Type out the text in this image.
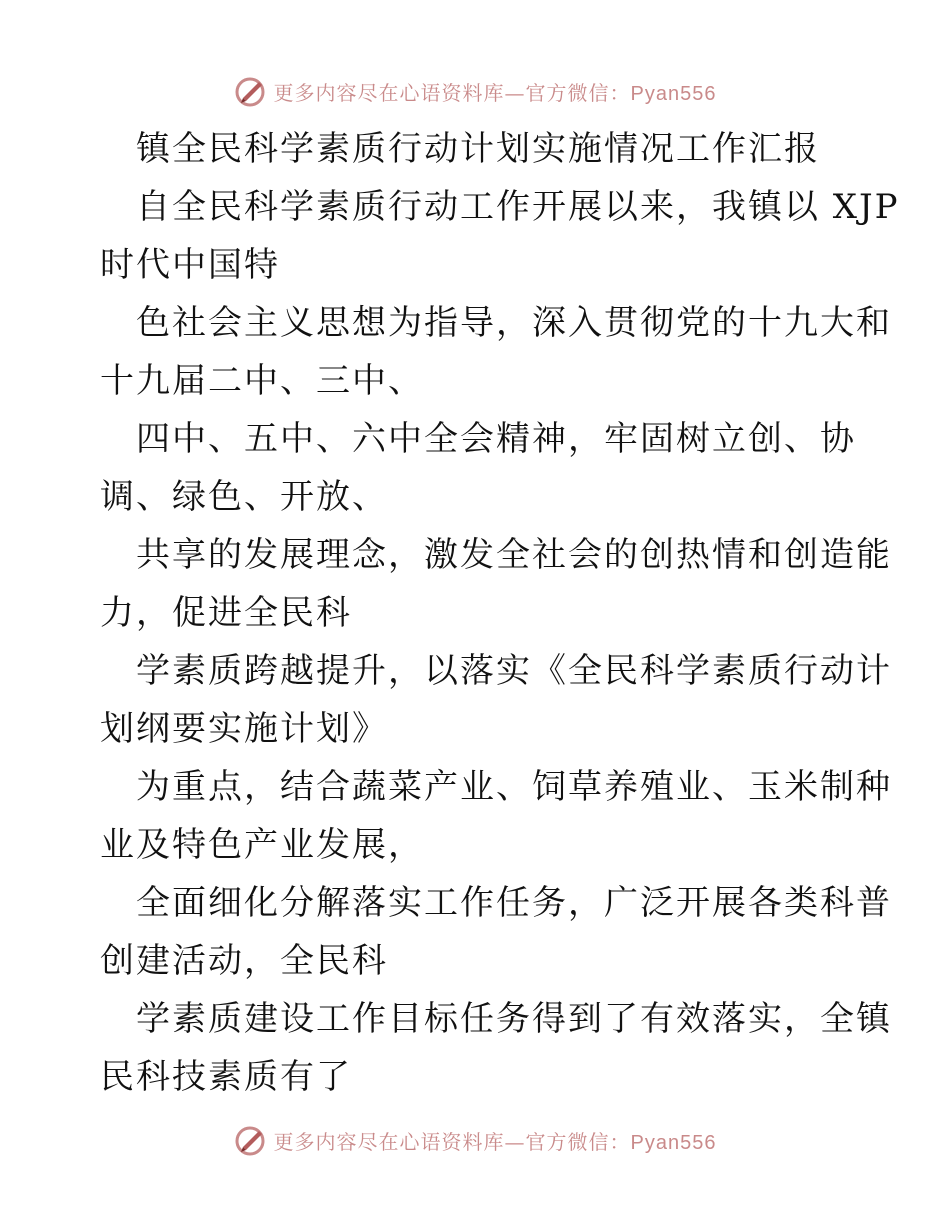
更多内容尽在心语资料库—官方微信：Pyan556
镇全民科学素质行动计划实施情况工作汇报
自全民科学素质行动工作开展以来，我镇以 XJP
时代中国特
色社会主义思想为指导，深入贯彻党的十九大和
十九届二中、三中、
四中、五中、六中全会精神，牢固树立创、协
调、绿色、开放、
共享的发展理念，激发全社会的创热情和创造能
力，促进全民科
学素质跨越提升，以落实《全民科学素质行动计
划纲要实施计划》
为重点，结合蔬菜产业、饲草养殖业、玉米制种
业及特色产业发展，
全面细化分解落实工作任务，广泛开展各类科普
创建活动，全民科
学素质建设工作目标任务得到了有效落实，全镇
民科技素质有了
更多内容尽在心语资料库—官方微信：Pyan556
